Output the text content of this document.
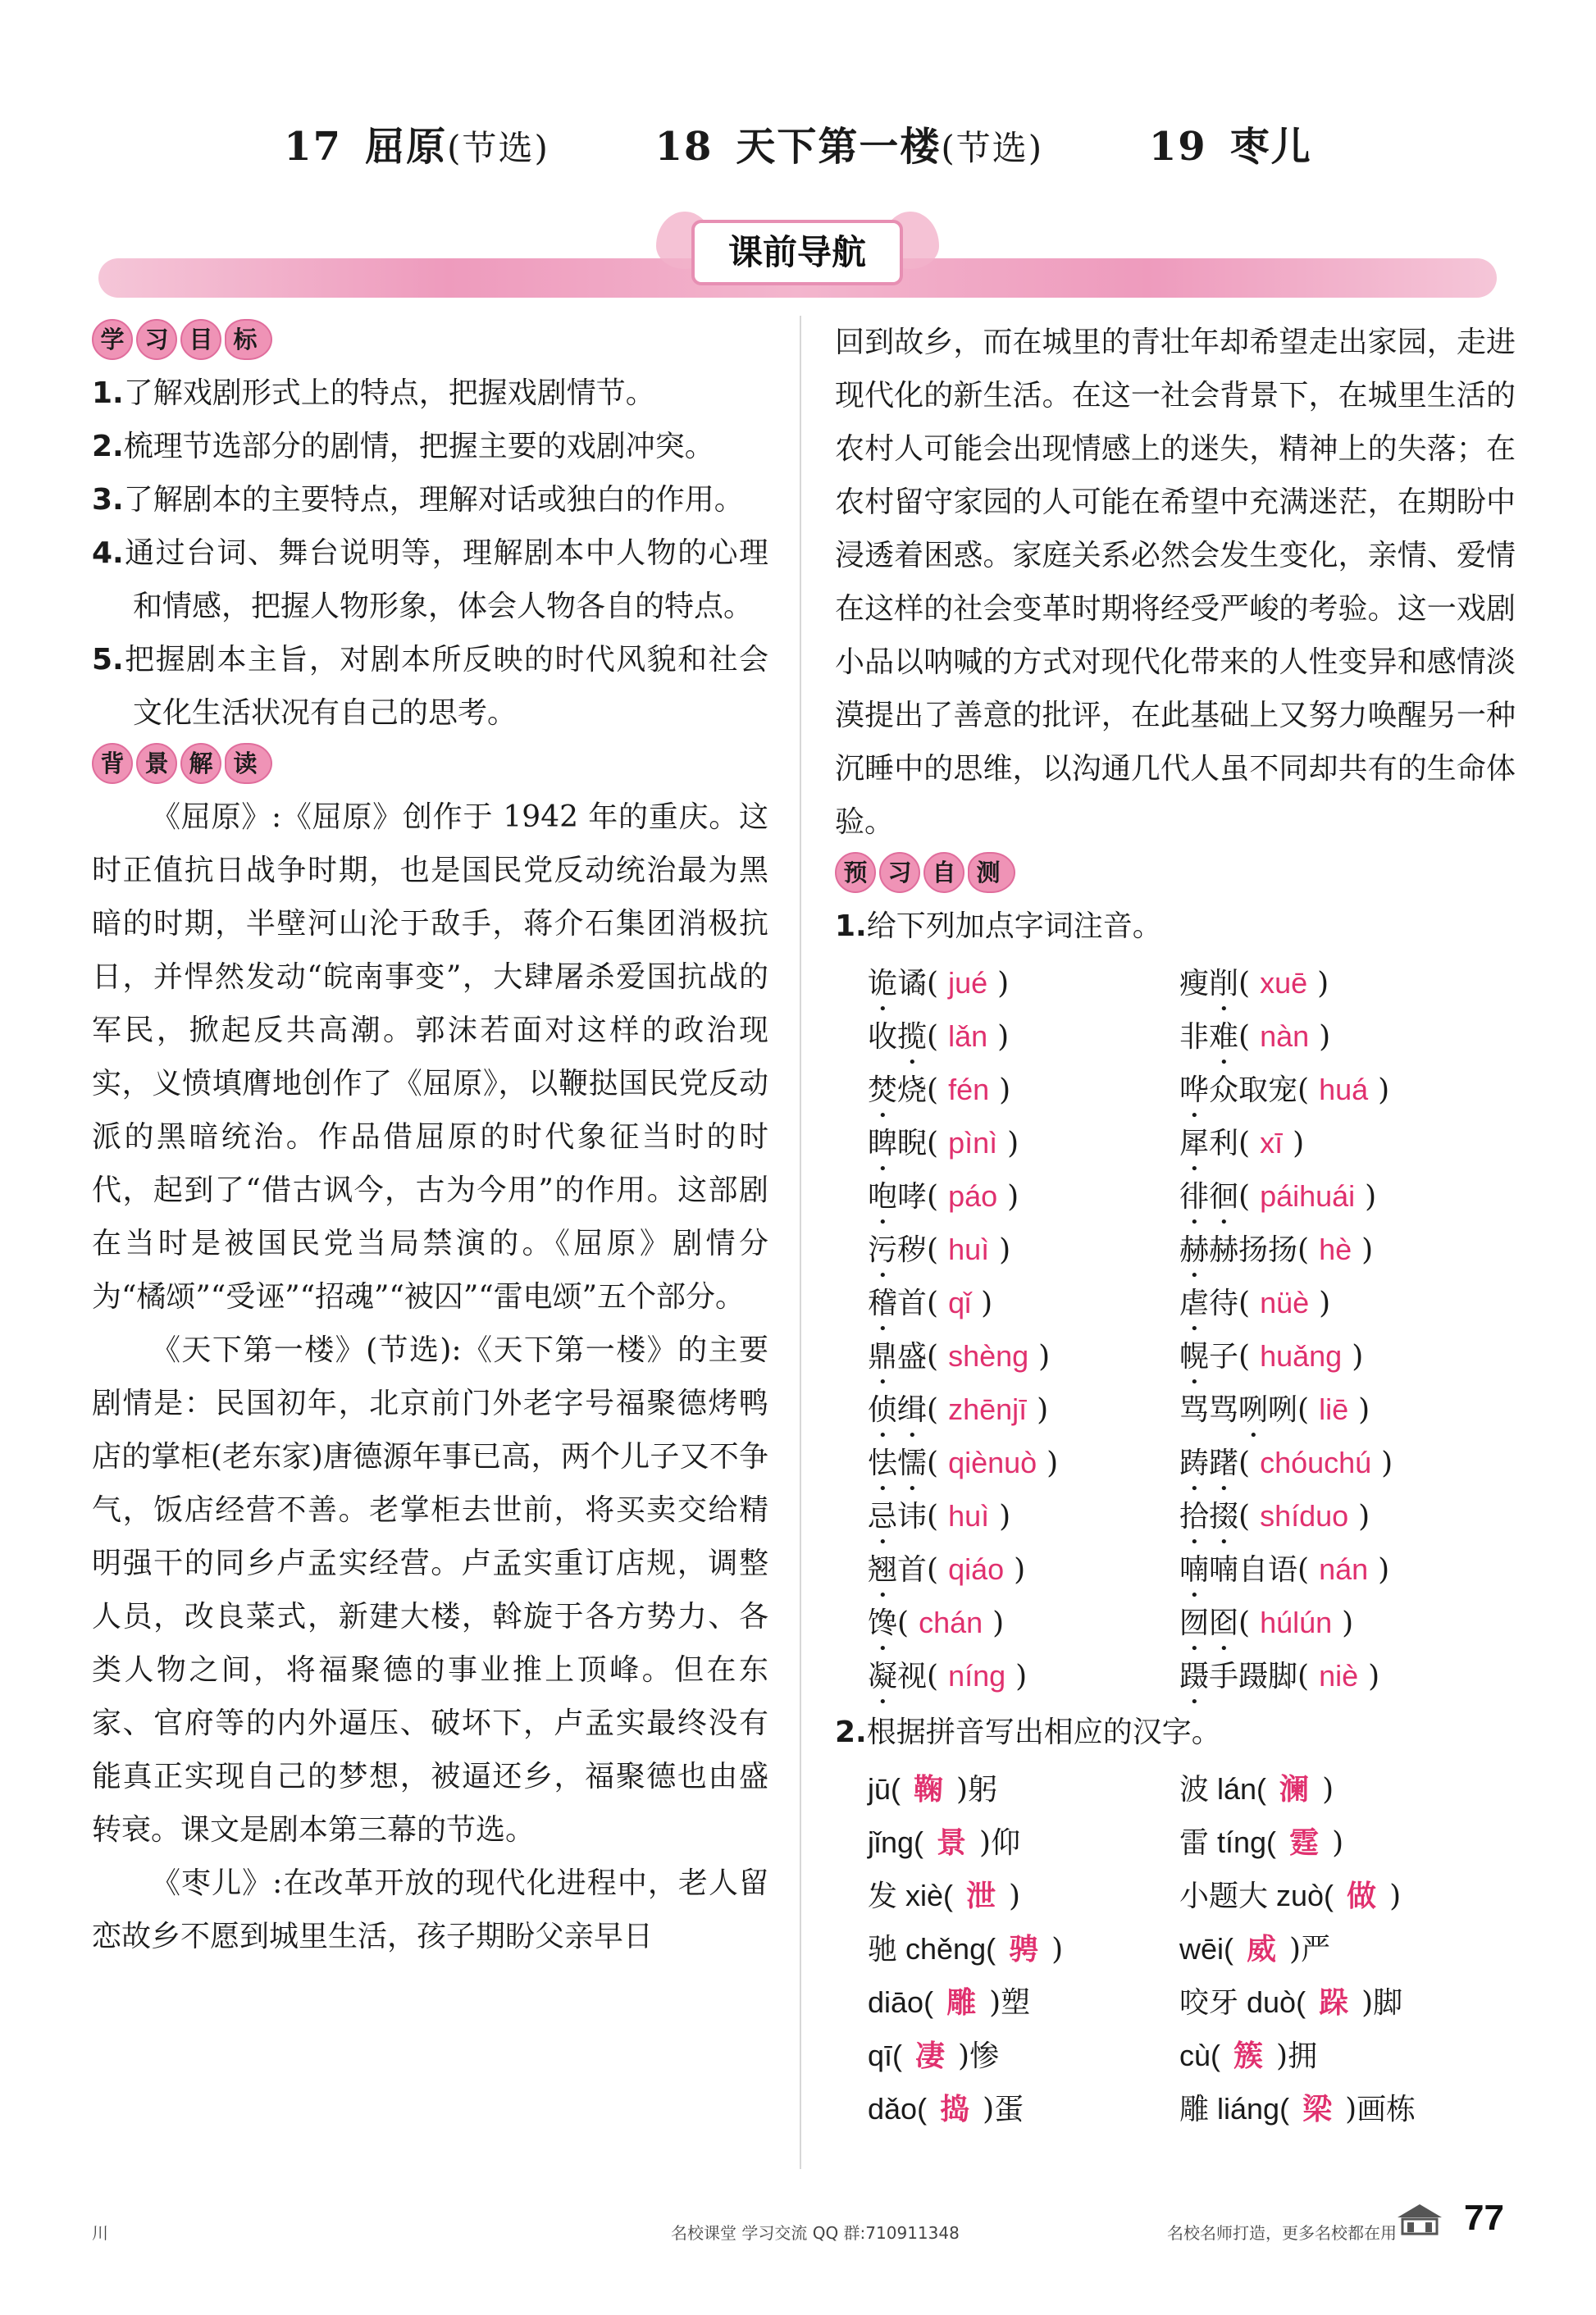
17 屈原(节选)	18 天下第一楼(节选)	19 枣儿
课前导航
学 习 目 标
1.了解戏剧形式上的特点，把握戏剧情节。
2.梳理节选部分的剧情，把握主要的戏剧冲突。
3.了解剧本的主要特点，理解对话或独白的作用。
4.通过台词、舞台说明等，理解剧本中人物的心理和情感，把握人物形象，体会人物各自的特点。
5.把握剧本主旨，对剧本所反映的时代风貌和社会文化生活状况有自己的思考。
背 景 解 读

《屈原》:《屈原》创作于 1942 年的重庆。这时正值抗日战争时期，也是国民党反动统治最为黑暗的时期，半壁河山沦于敌手，蒋介石集团消极抗日，并悍然发动“皖南事变”，大肆屠杀爱国抗战的军民，掀起反共高潮。郭沫若面对这样的政治现实，义愤填膺地创作了《屈原》，以鞭挞国民党反动派的黑暗统治。作品借屈原的时代象征当时的时代，起到了“借古讽今，古为今用”的作用。这部剧在当时是被国民党当局禁演的。《屈原》剧情分为“橘颂”“受诬”“招魂”“被囚”“雷电颂”五个部分。

《天下第一楼》(节选):《天下第一楼》的主要剧情是：民国初年，北京前门外老字号福聚德烤鸭店的掌柜(老东家)唐德源年事已高，两个儿子又不争气，饭店经营不善。老掌柜去世前，将买卖交给精明强干的同乡卢孟实经营。卢孟实重订店规，调整人员，改良菜式，新建大楼，斡旋于各方势力、各类人物之间，将福聚德的事业推上顶峰。但在东家、官府等的内外逼压、破坏下，卢孟实最终没有能真正实现自己的梦想，被逼还乡，福聚德也由盛转衰。课文是剧本第三幕的节选。

《枣儿》:在改革开放的现代化进程中，老人留恋故乡不愿到城里生活，孩子期盼父亲早日

回到故乡，而在城里的青壮年却希望走出家园，走进现代化的新生活。在这一社会背景下，在城里生活的农村人可能会出现情感上的迷失，精神上的失落；在农村留守家园的人可能在希望中充满迷茫，在期盼中浸透着困惑。家庭关系必然会发生变化，亲情、爱情在这样的社会变革时期将经受严峻的考验。这一戏剧小品以呐喊的方式对现代化带来的人性变异和感情淡漠提出了善意的批评，在此基础上又努力唤醒另一种沉睡中的思维，以沟通几代人虽不同却共有的生命体验。

预 习 自 测
1.给下列加点字词注音。
诡谲( jué )	瘦削( xuē )
收揽( lǎn )	非难( nàn )
焚烧( fén )	哗众取宠( huá )
睥睨( pìnì )	犀利( xī )
咆哮( páo )	徘徊( páihuái )
污秽( huì )	赫赫扬扬( hè )
稽首( qǐ )	虐待( nüè )
鼎盛( shèng )	幌子( huǎng )
侦缉( zhēnjī )	骂骂咧咧( liē )
怯懦( qiènuò )	踌躇( chóuchú )
忌讳( huì )	拾掇( shíduo )
翘首( qiáo )	喃喃自语( nán )
馋( chán )	囫囵( húlún )
凝视( níng )	蹑手蹑脚( niè )
2.根据拼音写出相应的汉字。
jū( 鞠 )躬	波 lán( 澜 )
jǐng( 景 )仰	雷 tíng( 霆 )
发 xiè( 泄 )	小题大 zuò( 做 )
驰 chěng( 骋 )	wēi( 威 )严
diāo( 雕 )塑	咬牙 duò( 跺 )脚
qī( 凄 )惨	cù( 簇 )拥
dǎo( 捣 )蛋	雕 liáng( 梁 )画栋
川	名校课堂 学习交流 QQ 群:710911348	名校名师打造，更多名校都在用 77
